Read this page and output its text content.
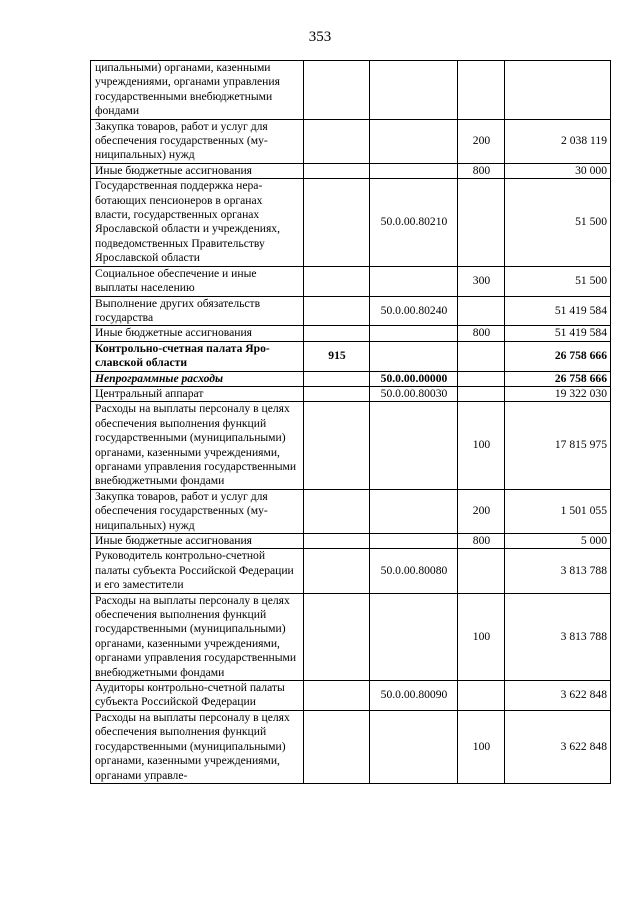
353
ципальными) органами, казенными учреждениями, органами управления государственными внебюджетными фондами				
Закупка товаров, работ и услуг для обеспечения государственных (муниципальных) нужд			200	2 038 119
Иные бюджетные ассигнования			800	30 000
Государственная поддержка неработающих пенсионеров в органах власти, государственных органах Ярославской области и учреждениях, подведомственных Правительству Ярославской области		50.0.00.80210		51 500
Социальное обеспечение и иные выплаты населению			300	51 500
Выполнение других обязательств государства		50.0.00.80240		51 419 584
Иные бюджетные ассигнования			800	51 419 584
Контрольно-счетная палата Ярославской области	915			26 758 666
Непрограммные расходы		50.0.00.00000		26 758 666
Центральный аппарат		50.0.00.80030		19 322 030
Расходы на выплаты персоналу в целях обеспечения выполнения функций государственными (муниципальными) органами, казенными учреждениями, органами управления государственными внебюджетными фондами			100	17 815 975
Закупка товаров, работ и услуг для обеспечения государственных (муниципальных) нужд			200	1 501 055
Иные бюджетные ассигнования			800	5 000
Руководитель контрольно-счетной палаты субъекта Российской Федерации и его заместители		50.0.00.80080		3 813 788
Расходы на выплаты персоналу в целях обеспечения выполнения функций государственными (муниципальными) органами, казенными учреждениями, органами управления государственными внебюджетными фондами			100	3 813 788
Аудиторы контрольно-счетной палаты субъекта Российской Федерации		50.0.00.80090		3 622 848
Расходы на выплаты персоналу в целях обеспечения выполнения функций государственными (муниципальными) органами, казенными учреждениями, органами управле-			100	3 622 848
